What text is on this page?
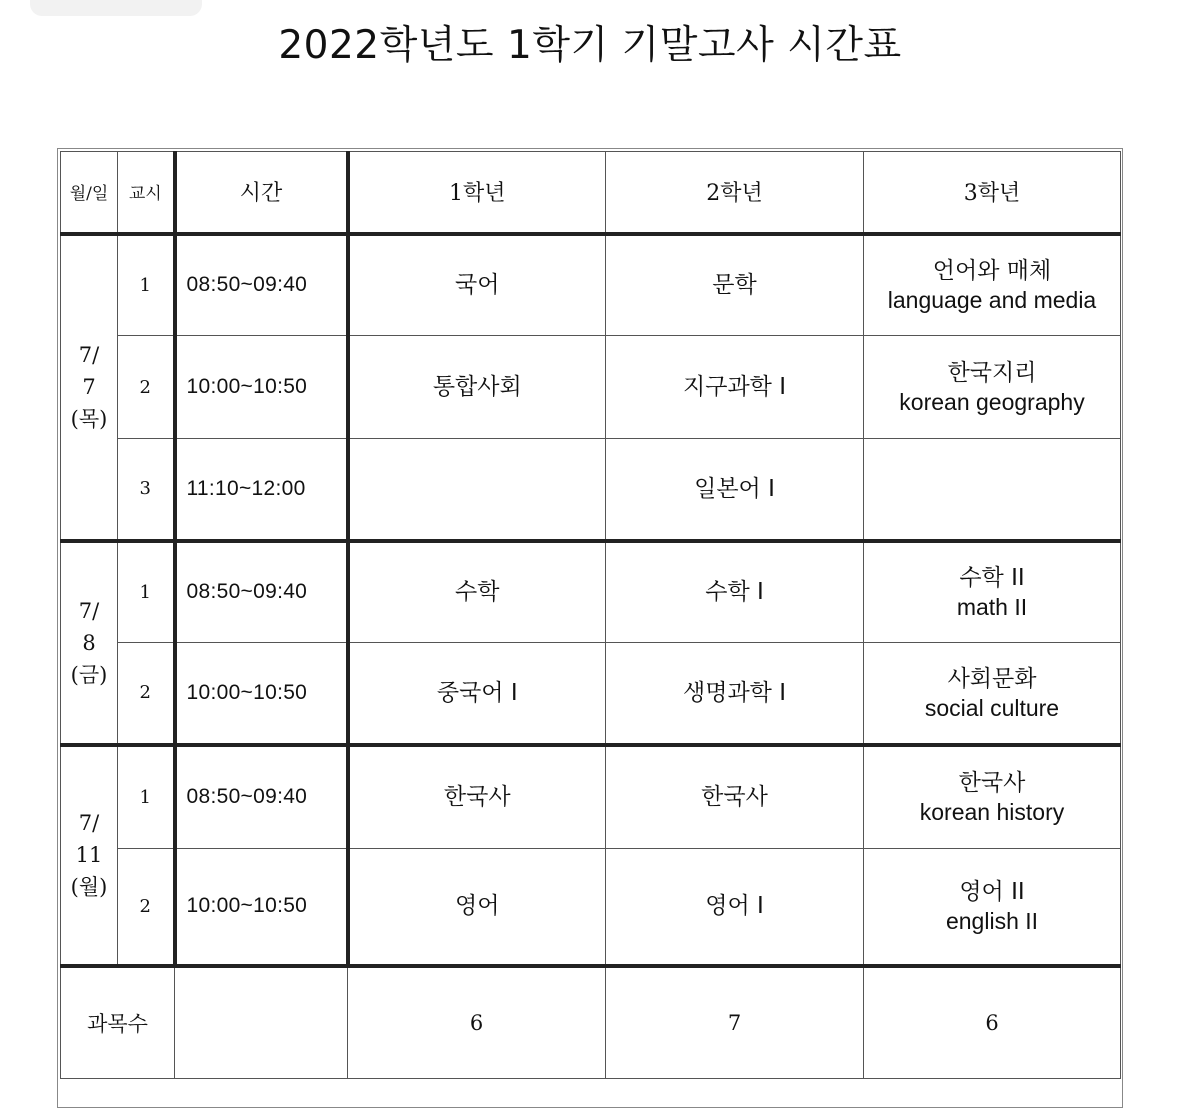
2022학년도 1학기 기말고사 시간표
월/일	교시	시간	1학년	2학년	3학년
7/
7
(목)	1	08:50~09:40	국어	문학	언어와 매체
language and media

	2	10:00~10:50	통합사회	지구과학 I	한국지리
korean geography

	3	11:10~12:00		일본어 I	

7/
8
(금)	1	08:50~09:40	수학	수학 I	수학 II
math II

	2	10:00~10:50	중국어 I	생명과학 I	사회문화
social culture

7/
11
(월)	1	08:50~09:40	한국사	한국사	한국사
korean history

	2	10:00~10:50	영어	영어 I	영어 II
english II

과목수			6	7	6
